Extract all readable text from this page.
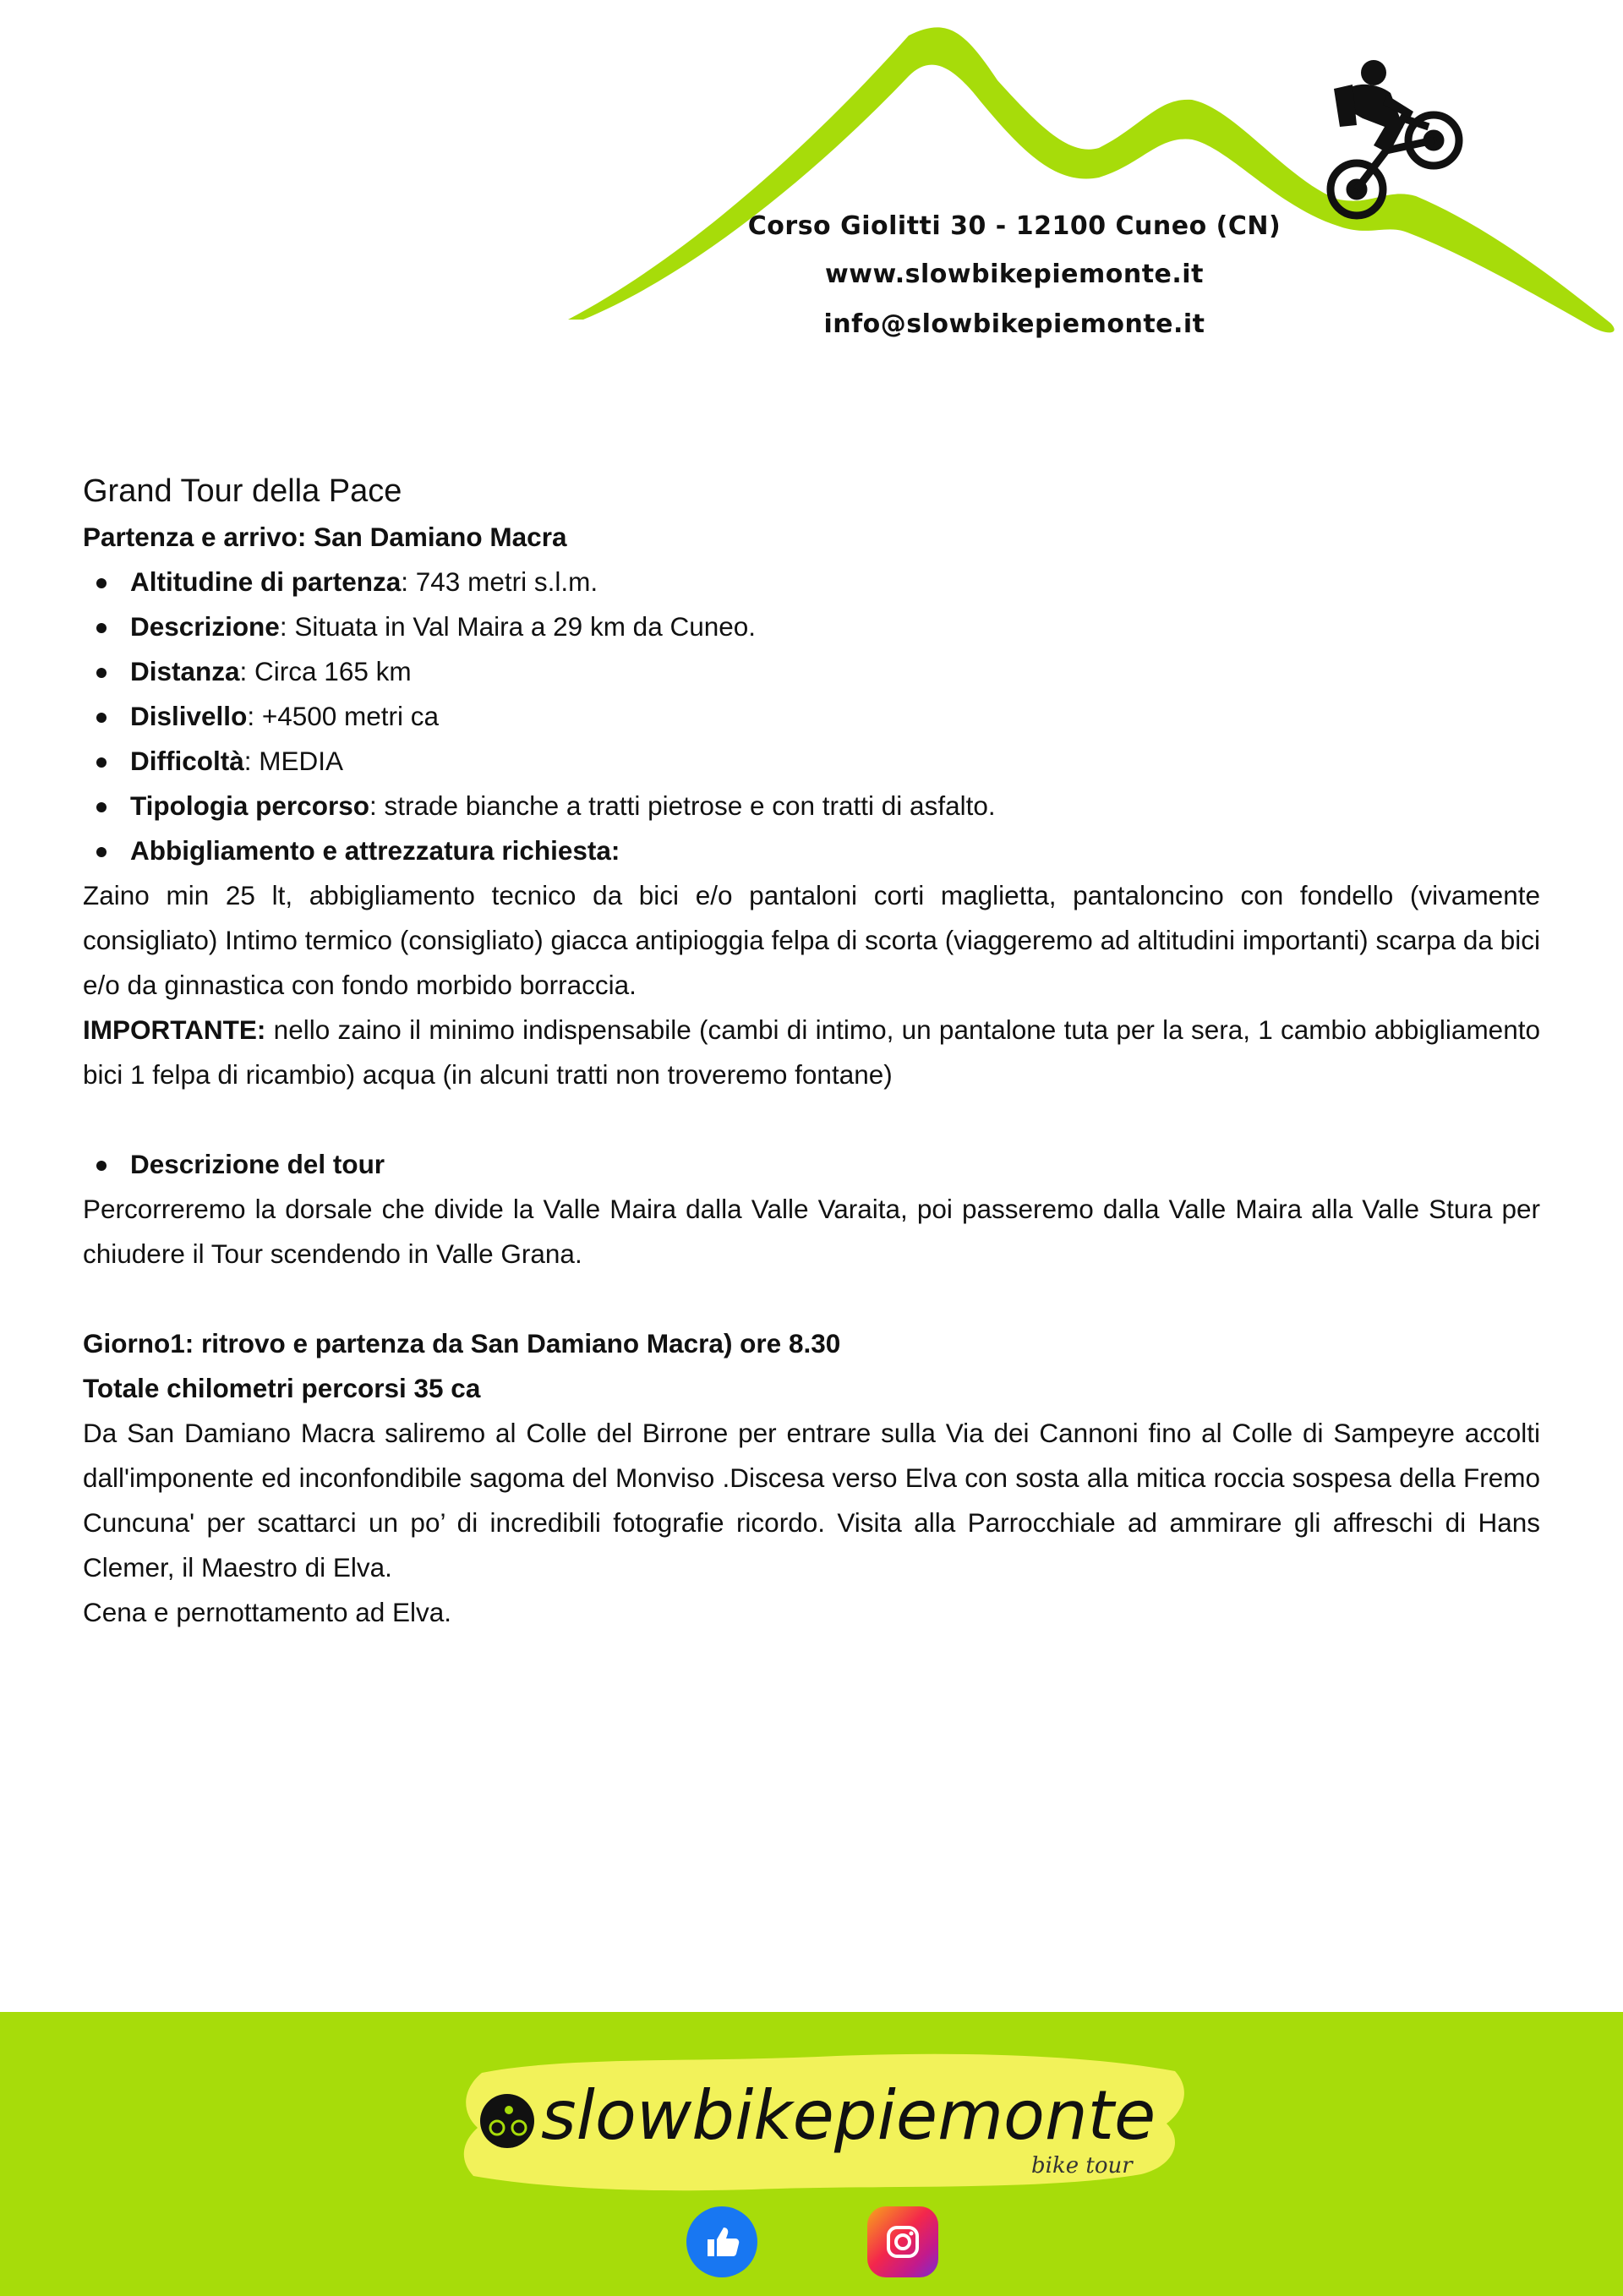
Corso Giolitti 30 - 12100 Cuneo (CN)
www.slowbikepiemonte.it
info@slowbikepiemonte.it

Grand Tour della Pace

Partenza e arrivo: San Damiano Macra

Altitudine di partenza: 743 metri s.l.m.
Descrizione: Situata in Val Maira a 29 km da Cuneo.
Distanza: Circa 165 km
Dislivello: +4500 metri ca
Difficoltà: MEDIA
Tipologia percorso: strade bianche a tratti pietrose e con tratti di asfalto.
Abbigliamento e attrezzatura richiesta:

Zaino min 25 lt, abbigliamento tecnico da bici e/o pantaloni corti maglietta, pantaloncino con fondello (vivamente consigliato) Intimo termico (consigliato) giacca antipioggia felpa di scorta (viaggeremo ad altitudini importanti) scarpa da bici e/o da ginnastica con fondo morbido borraccia.

IMPORTANTE: nello zaino il minimo indispensabile (cambi di intimo, un pantalone tuta per la sera, 1 cambio abbigliamento bici 1 felpa di ricambio) acqua (in alcuni tratti non troveremo fontane)

Descrizione del tour

Percorreremo la dorsale che divide la Valle Maira dalla Valle Varaita, poi passeremo dalla Valle Maira alla Valle Stura per chiudere il Tour scendendo in Valle Grana.

Giorno1: ritrovo e partenza da San Damiano Macra) ore 8.30

Totale chilometri percorsi 35 ca

Da San Damiano Macra saliremo al Colle del Birrone per entrare sulla Via dei Cannoni fino al Colle di Sampeyre accolti dall'imponente ed inconfondibile sagoma del Monviso .Discesa verso Elva con sosta alla mitica roccia sospesa della Fremo Cuncuna' per scattarci un po’ di incredibili fotografie ricordo. Visita alla Parrocchiale ad ammirare gli affreschi di Hans Clemer, il Maestro di Elva.

Cena e pernottamento ad Elva.

slowbikepiemonte
bike tour
